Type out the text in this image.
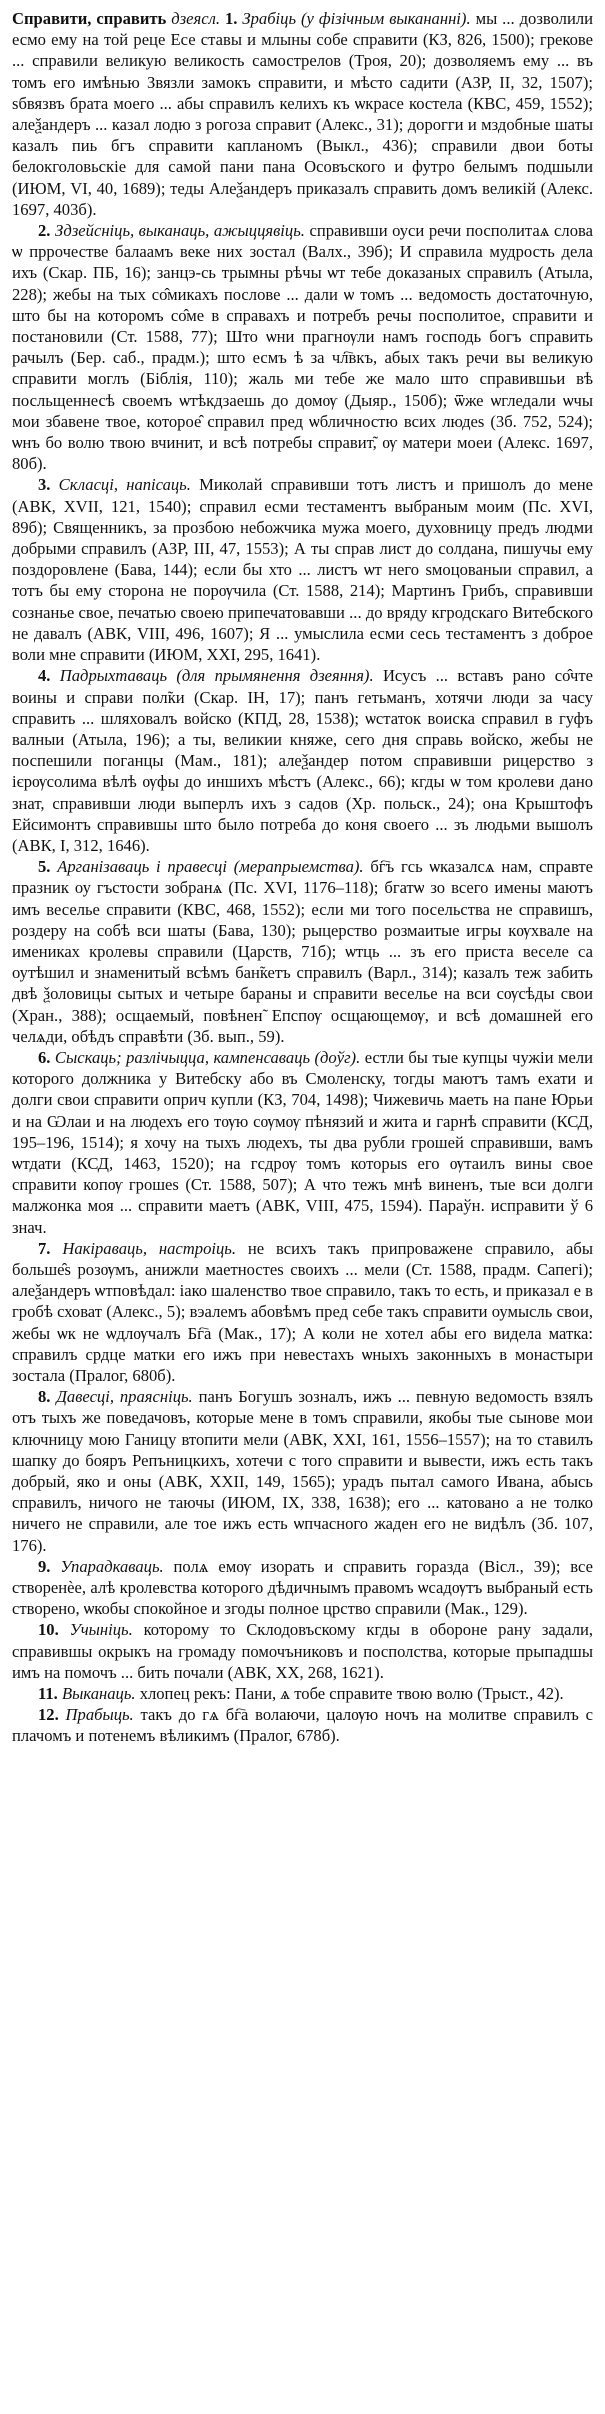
Справити, справить дзеясл. 1. Зрабіць (у фізічным выкананні). мы ... дозволили есмо ему на той реце Есе ставы и млыны собе справити (КЗ, 826, 1500); грекове ... справили великую великость самострелов (Троя, 20); дозволяемъ ему ... въ томъ его имѣнью Звязли замокъ справити, и мѣсто садити (АЗР, II, 32, 1507); ѕбвязвъ брата моего ... абы справилъ келихъ къ ѡкрасе костела (КВС, 459, 1552); алеѯандеръ ... казал лодю з рогоза справит (Алекс., 31); дорогги и мздобные шаты казалъ пиь бгъ справити капланомъ (Выкл., 436); справили двои боты белокголовьскіе для самой пани пана Осовъского и футро белымъ подшыли (ИЮМ, VI, 40, 1689); теды Алеѯандеръ приказалъ справить домъ великій (Алекс. 1697, 403б).

2. Здзейсніць, выканаць, ажыццявіць. справивши оуси речи посполитаѧ слова ѡ пррочестве балаамъ веке них зостал (Валх., 39б); И справила мудрость дела ихъ (Скар. ПБ, 16); занцэ-сь трымны рѣчы ѡт тебе доказаных справилъ (Атыла, 228); жебы на тых со̂микахъ послове ... дали ѡ томъ ... ведомость достаточную, што бы на которомъ со̂ме в справахъ и потребъ речы посполитое, справити и постановили (Ст. 1588, 77); Што ѡни прагнѹли намъ господь богъ справить рачылъ (Бер. саб., прадм.); што есмъ ѣ за чл҇вкъ, абых такъ речи вы великую справити моглъ (Біблія, 110); жаль ми тебе же мало што справившьи вѣ посльщеннесѣ своемъ ѡтѣкдзаешь до домѹ (Дыяр., 150б); ѿже ѡгледали ѡчы мои збавене твое, которое̂ справил пред ѡбличностю всих людеѕ (3б. 752, 524); ѡнъ бо волю твою вчинит, и всѣ потребы справит̃, ѹ матери моеи (Алекс. 1697, 80б).

3. Скласці, напісаць. Миколай справивши тотъ листъ и пришолъ до мене (АВК, XVII, 121, 1540); справил есми тестаментъ выбраным моим (Пс. XVI, 89б); Священникъ, за прозбою небожчика мужа моего, духовницу предъ людми добрыми справилъ (АЗР, III, 47, 1553); А ты справ лист до солдана, пишучы ему поздоровлене (Бава, 144); если бы хто ... листъ ѡт него ѕмоцованыи справил, а тотъ бы ему сторона не порѹчила (Ст. 1588, 214); Мартинъ Грибъ, справивши сознанье свое, печатью своею припечатовавши ... до вряду кгродскаго Витебского не давалъ (АВК, VIII, 496, 1607); Я ... умыслила есми сесь тестаментъ з доброе воли мне справити (ИЮМ, XXI, 295, 1641).

4. Падрыхтаваць (для прымянення дзеяння). Исусъ ... вставъ рано со̂чте воины и справи пол̃ки (Скар. ІН, 17); панъ гетьманъ, хотячи люди за часу справить ... шляховалъ войско (КПД, 28, 1538); ѡстаток воиска справил в гуфъ валныи (Атыла, 196); а ты, великии княже, сего дня справь войско, жебы не поспешили поганцы (Мам., 181); алеѯандер потом справивши рицерство з ієрѹсолима вѣлѣ ѹфы до иншихъ мѣстъ (Алекс., 66); кгды ѡ том кролеви дано знат, справивши люди выперлъ ихъ з садов (Хр. польск., 24); она Крыштофъ Ейсимонтъ справившы што было потреба до коня своего ... зъ людьми вышолъ (АВК, I, 312, 1646).

5. Арганізаваць і правесці (мерапрыемства). бг҇ъ гсь ѡказалсѧ нам, справте празник оу гъстости зобранѧ (Пс. XVI, 1176–118); бгатѡ зо всего имены маютъ имъ веселье справити (КВС, 468, 1552); если ми того посельства не справишъ, роздеру на собѣ вси шаты (Бава, 130); рыцерство розмаитые игры кѹхвале на имениках кролевы справили (Царств, 71б); ѡтць ... зъ его приста веселе са оутѣшил и знаменитый всѣмъ бан̃кетъ справилъ (Варл., 314); казалъ теж забить двѣ ѯоловицы сытых и четыре бараны и справити веселье на вси сѹсѣды свои (Хран., 388); осщаемый, повѣнен̃ Епспѹ осщающемѹ, и всѣ домашней его челѧди, обѣдъ справѣти (3б. вып., 59).

6. Сыскаць; рaзлічыцца, кампенсаваць (доўг). естли бы тые купцы чужіи мели которого должника у Витебску або въ Смоленску, тогды маютъ тамъ ехати и долги свои справити оприч купли (КЗ, 704, 1498); Чижевичь маеть на пане Юрьи и на Ѡлаи и на людехъ его тѹю сѹмѹ пѣнязий и жита и гарнѣ справити (КСД, 195–196, 1514); я хочу на тыхъ людехъ, ты два рубли грошей справивши, вамъ ѡтдати (КСД, 1463, 1520); на гсдрѹ томъ которыѕ его ѹтаилъ вины свое справити копѹ грошеѕ (Ст. 1588, 507); А что тежъ мнѣ виненъ, тые вси долги малжонка моя ... справити маетъ (АВК, VIII, 475, 1594). Параўн. исправити ў 6 знач.

7. Накіраваць, настроіць. не всихъ такъ припроважене справило, абы больше̂ѕ розѹмъ, анижли маетностеѕ своихъ ... мели (Ст. 1588, прадм. Сапегі); алеѯандеръ ѡтповѣдал: іако шаленство твое справило, такъ то есть, и приказал е в гробѣ сховат (Алекс., 5); вэалемъ абовѣмъ пред себе такъ справити оумысль свои, жебы ѡк не ѡдлѹчалъ Бг҇а (Мак., 17); А коли не хотел абы его видела матка: справилъ срдце матки его ижъ при невестахъ ѡныхъ законныхъ в монастыри зостала (Пралог, 680б).

8. Давесці, праясніць. панъ Богушъ зозналъ, ижъ ... певную ведомость взялъ отъ тыхъ же поведачовъ, которые мене в томъ справили, якобы тые сынове мои ключницу мою Ганицу втопити мели (АВК, XXI, 161, 1556–1557); на то ставилъ шапку до бояръ Репъницкихъ, хотечи с того справити и вывести, ижъ есть такъ добрый, яко и оны (АВК, XXII, 149, 1565); урадъ пытал самого Ивана, абысь справилъ, ничого не таючы (ИЮМ, IX, 338, 1638); его ... катовано а не толко ничего не справили, але тое ижъ есть ѡпчасного жаден его не видѣлъ (3б. 107, 176).

9. Упарадкаваць. полѧ емѹ изорать и справить горазда (Вісл., 39); все створенѐе, алѣ кролевства которого дѣдичнымъ правомъ ѡсадѹтъ выбраный есть створено, ѡкобы спокойное и згоды полное црство справили (Мак., 129).

10. Учыніць. которому то Склодовъскому кгды в обороне рану задали, справившы окрыкъ на громаду помочъниковъ и посполства, которые прыпадшы имъ на помочъ ... бить почали (АВК, ХХ, 268, 1621).

11. Выканаць. хлопец рекъ: Пани, ѧ тобе справите твою волю (Трыст., 42).

12. Прабыць. такъ до гѧ бг҇а волаючи, цалѹю ночъ на молитве справилъ с плачомъ и потенемъ вѣликимъ (Пралог, 678б).
